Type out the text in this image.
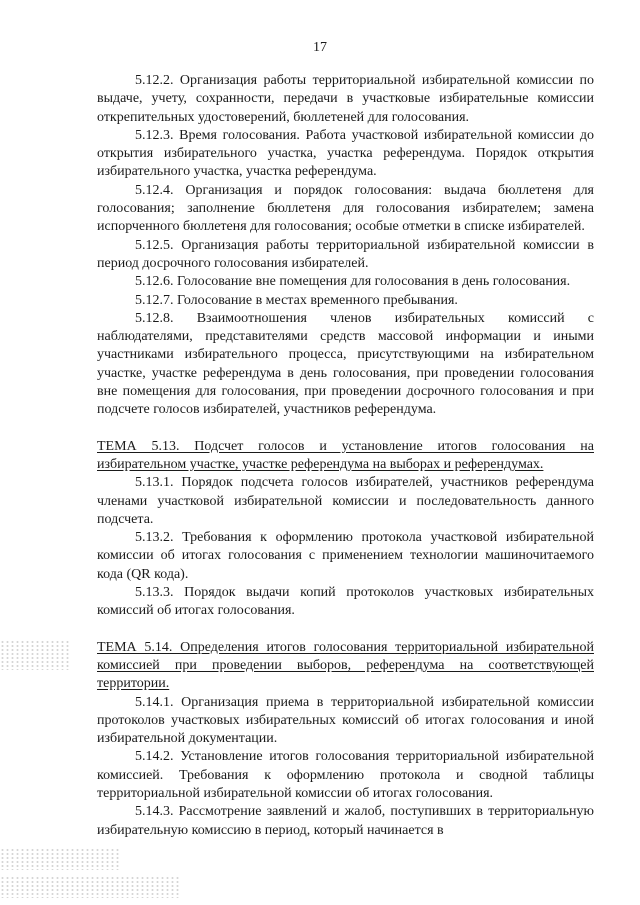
17

5.12.2. Организация работы территориальной избирательной комиссии по выдаче, учету, сохранности, передачи в участковые избирательные комиссии открепительных удостоверений, бюллетеней для голосования.

5.12.3. Время голосования. Работа участковой избирательной комиссии до открытия избирательного участка, участка референдума. Порядок открытия избирательного участка, участка референдума.

5.12.4. Организация и порядок голосования: выдача бюллетеня для голосования; заполнение бюллетеня для голосования избирателем; замена испорченного бюллетеня для голосования; особые отметки в списке избирателей.

5.12.5. Организация работы территориальной избирательной комиссии в период досрочного голосования избирателей.

5.12.6. Голосование вне помещения для голосования в день голосования.

5.12.7. Голосование в местах временного пребывания.

5.12.8. Взаимоотношения членов избирательных комиссий с наблюдателями, представителями средств массовой информации и иными участниками избирательного процесса, присутствующими на избирательном участке, участке референдума в день голосования, при проведении голосования вне помещения для голосования, при проведении досрочного голосования и при подсчете голосов избирателей, участников референдума.

ТЕМА 5.13. Подсчет голосов и установление итогов голосования на избирательном участке, участке референдума на выборах и референдумах.

5.13.1. Порядок подсчета голосов избирателей, участников референдума членами участковой избирательной комиссии и последовательность данного подсчета.

5.13.2. Требования к оформлению протокола участковой избирательной комиссии об итогах голосования с применением технологии машиночитаемого кода (QR кода).

5.13.3. Порядок выдачи копий протоколов участковых избирательных комиссий об итогах голосования.

ТЕМА 5.14. Определения итогов голосования территориальной избирательной комиссией при проведении выборов, референдума на соответствующей территории.

5.14.1. Организация приема в территориальной избирательной комиссии протоколов участковых избирательных комиссий об итогах голосования и иной избирательной документации.

5.14.2. Установление итогов голосования территориальной избирательной комиссией. Требования к оформлению протокола и сводной таблицы территориальной избирательной комиссии об итогах голосования.

5.14.3. Рассмотрение заявлений и жалоб, поступивших в территориальную избирательную комиссию в период, который начинается в
